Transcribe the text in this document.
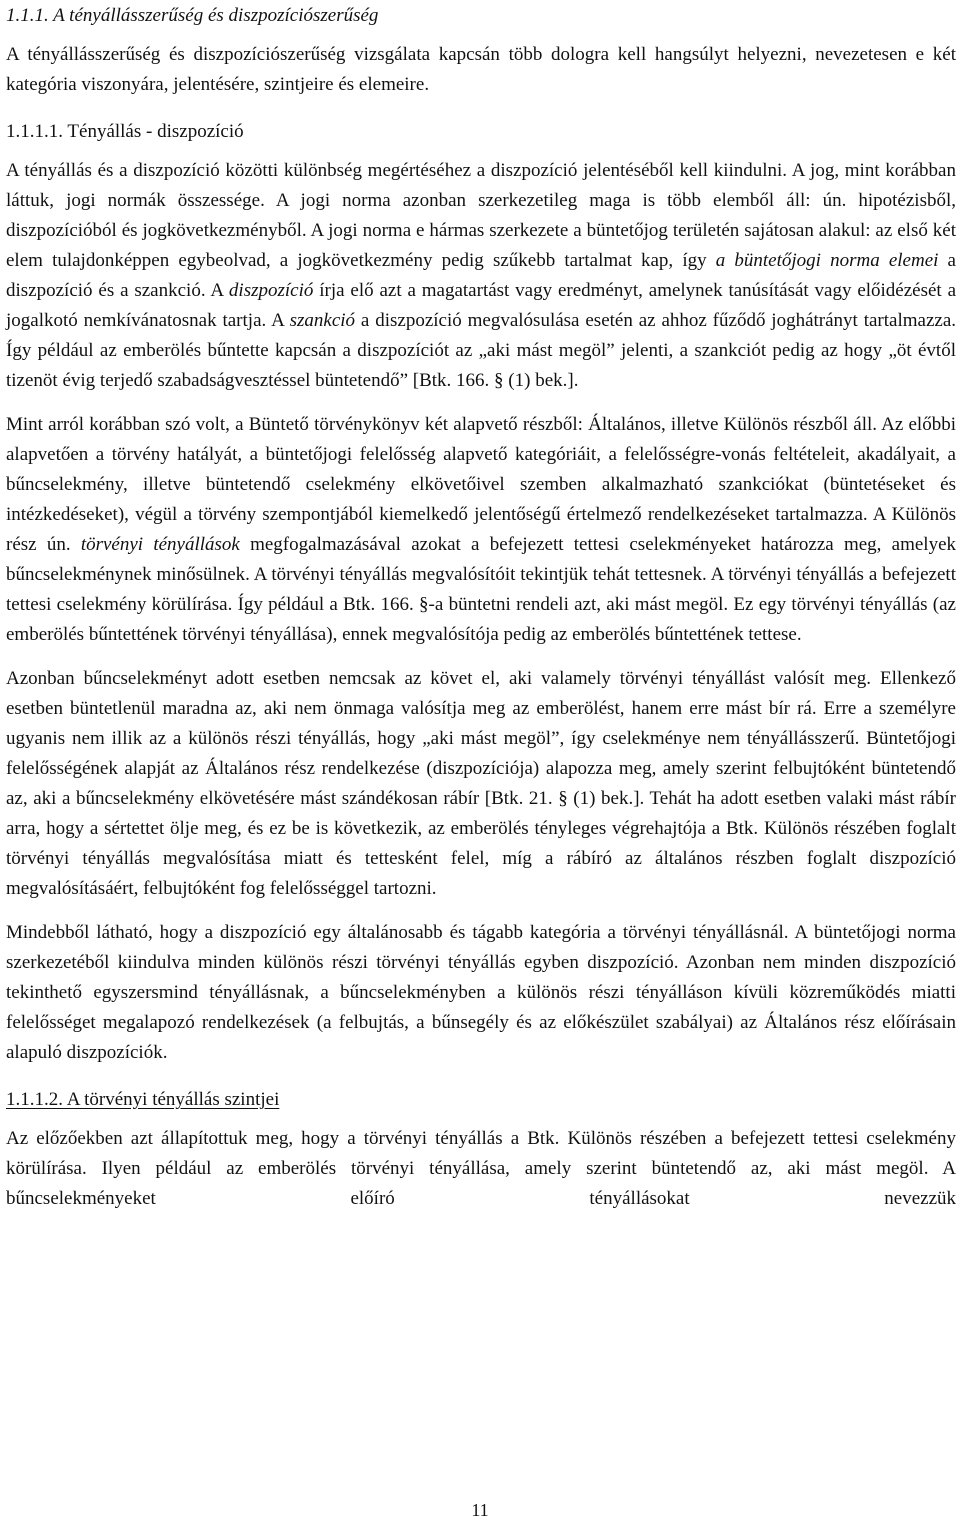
1.1.1. A tényállásszerűség és diszpozíciószerűség

A tényállásszerűség és diszpozíciószerűség vizsgálata kapcsán több dologra kell hangsúlyt helyezni, nevezetesen e két kategória viszonyára, jelentésére, szintjeire és elemeire.

1.1.1.1. Tényállás - diszpozíció

A tényállás és a diszpozíció közötti különbség megértéséhez a diszpozíció jelentéséből kell kiindulni. A jog, mint korábban láttuk, jogi normák összessége. A jogi norma azonban szerkezetileg maga is több elemből áll: ún. hipotézisből, diszpozícióból és jogkövetkezményből. A jogi norma e hármas szerkezete a büntetőjog területén sajátosan alakul: az első két elem tulajdonképpen egybeolvad, a jogkövetkezmény pedig szűkebb tartalmat kap, így a büntetőjogi norma elemei a diszpozíció és a szankció. A diszpozíció írja elő azt a magatartást vagy eredményt, amelynek tanúsítását vagy előidézését a jogalkotó nemkívánatosnak tartja. A szankció a diszpozíció megvalósulása esetén az ahhoz fűződő joghátrányt tartalmazza. Így például az emberölés bűntette kapcsán a diszpozíciót az „aki mást megöl” jelenti, a szankciót pedig az hogy „öt évtől tizenöt évig terjedő szabadságvesztéssel büntetendő” [Btk. 166. § (1) bek.].

Mint arról korábban szó volt, a Büntető törvénykönyv két alapvető részből: Általános, illetve Különös részből áll. Az előbbi alapvetően a törvény hatályát, a büntetőjogi felelősség alapvető kategóriáit, a felelősségre-vonás feltételeit, akadályait, a bűncselekmény, illetve büntetendő cselekmény elkövetőivel szemben alkalmazható szankciókat (büntetéseket és intézkedéseket), végül a törvény szempontjából kiemelkedő jelentőségű értelmező rendelkezéseket tartalmazza. A Különös rész ún. törvényi tényállások megfogalmazásával azokat a befejezett tettesi cselekményeket határozza meg, amelyek bűncselekménynek minősülnek. A törvényi tényállás megvalósítóit tekintjük tehát tettesnek. A törvényi tényállás a befejezett tettesi cselekmény körülírása. Így például a Btk. 166. §-a büntetni rendeli azt, aki mást megöl. Ez egy törvényi tényállás (az emberölés bűntettének törvényi tényállása), ennek megvalósítója pedig az emberölés bűntettének tettese.

Azonban bűncselekményt adott esetben nemcsak az követ el, aki valamely törvényi tényállást valósít meg. Ellenkező esetben büntetlenül maradna az, aki nem önmaga valósítja meg az emberölést, hanem erre mást bír rá. Erre a személyre ugyanis nem illik az a különös részi tényállás, hogy „aki mást megöl”, így cselekménye nem tényállásszerű. Büntetőjogi felelősségének alapját az Általános rész rendelkezése (diszpozíciója) alapozza meg, amely szerint felbujtóként büntetendő az, aki a bűncselekmény elkövetésére mást szándékosan rábír [Btk. 21. § (1) bek.]. Tehát ha adott esetben valaki mást rábír arra, hogy a sértettet ölje meg, és ez be is következik, az emberölés tényleges végrehajtója a Btk. Különös részében foglalt törvényi tényállás megvalósítása miatt és tettesként felel, míg a rábíró az általános részben foglalt diszpozíció megvalósításáért, felbujtóként fog felelősséggel tartozni.

Mindebből látható, hogy a diszpozíció egy általánosabb és tágabb kategória a törvényi tényállásnál. A büntetőjogi norma szerkezetéből kiindulva minden különös részi törvényi tényállás egyben diszpozíció. Azonban nem minden diszpozíció tekinthető egyszersmind tényállásnak, a bűncselekményben a különös részi tényálláson kívüli közreműködés miatti felelősséget megalapozó rendelkezések (a felbujtás, a bűnsegély és az előkészület szabályai) az Általános rész előírásain alapuló diszpozíciók.

1.1.1.2. A törvényi tényállás szintjei

Az előzőekben azt állapítottuk meg, hogy a törvényi tényállás a Btk. Különös részében a befejezett tettesi cselekmény körülírása. Ilyen például az emberölés törvényi tényállása, amely szerint büntetendő az, aki mást megöl. A bűncselekményeket előíró tényállásokat nevezzük

11
